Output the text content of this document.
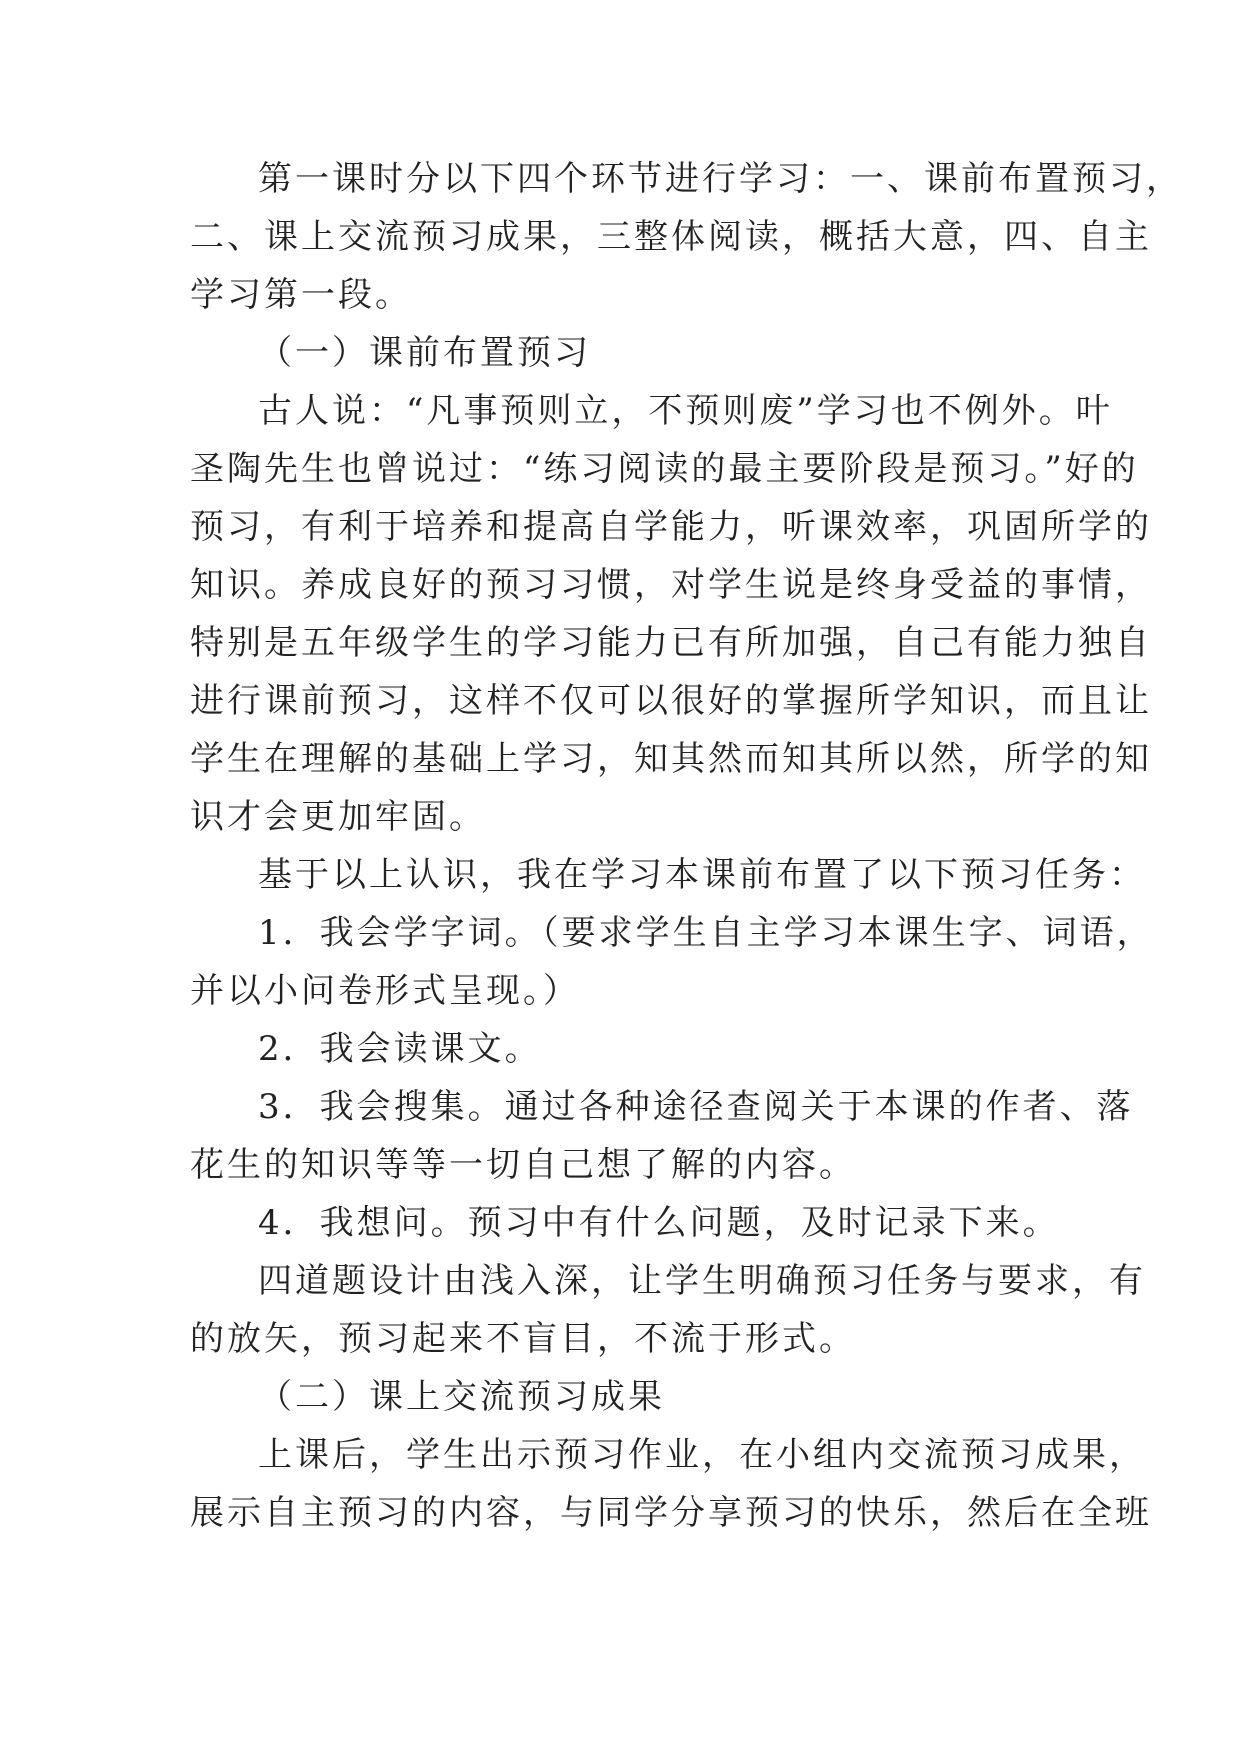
第一课时分以下四个环节进行学习：一、课前布置预习，
二、课上交流预习成果，三整体阅读，概括大意，四、自主
学习第一段。
（一）课前布置预习
古人说：“凡事预则立，不预则废”学习也不例外。叶
圣陶先生也曾说过：“练习阅读的最主要阶段是预习。”好的
预习，有利于培养和提高自学能力，听课效率，巩固所学的
知识。养成良好的预习习惯，对学生说是终身受益的事情，
特别是五年级学生的学习能力已有所加强，自己有能力独自
进行课前预习，这样不仅可以很好的掌握所学知识，而且让
学生在理解的基础上学习，知其然而知其所以然，所学的知
识才会更加牢固。
基于以上认识，我在学习本课前布置了以下预习任务：
1．我会学字词。（要求学生自主学习本课生字、词语，
并以小问卷形式呈现。）
2．我会读课文。
3．我会搜集。通过各种途径查阅关于本课的作者、落
花生的知识等等一切自己想了解的内容。
4．我想问。预习中有什么问题，及时记录下来。
四道题设计由浅入深，让学生明确预习任务与要求，有
的放矢，预习起来不盲目，不流于形式。
（二）课上交流预习成果
上课后，学生出示预习作业，在小组内交流预习成果，
展示自主预习的内容，与同学分享预习的快乐，然后在全班
